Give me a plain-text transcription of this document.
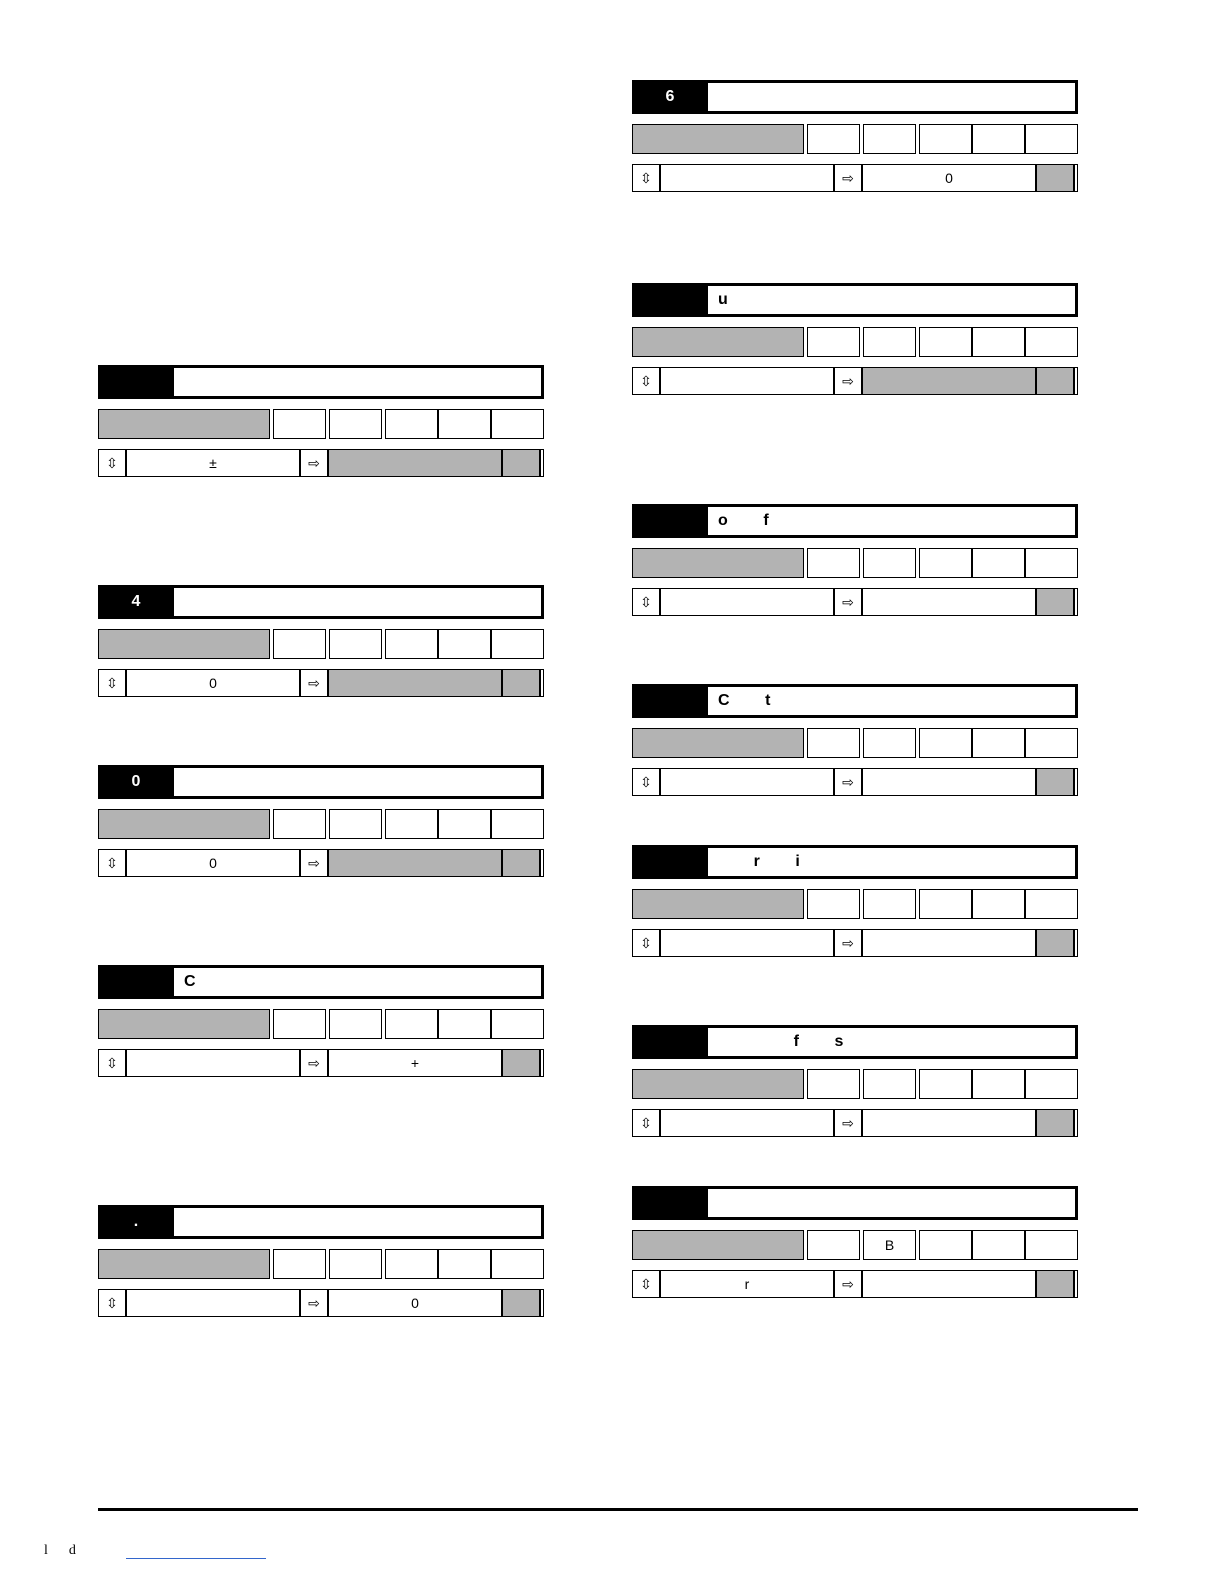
⇳	±	⇨
4
⇳	0	⇨
0
⇳	0	⇨
C
⇳	⇨	+
.
⇳	⇨	0
6
⇳	⇨	0
u
⇳	⇨
o        f
⇳	⇨
C        t
⇳	⇨
r        i
⇳	⇨
f        s
⇳	⇨
B
⇳	r	⇨
l      d
